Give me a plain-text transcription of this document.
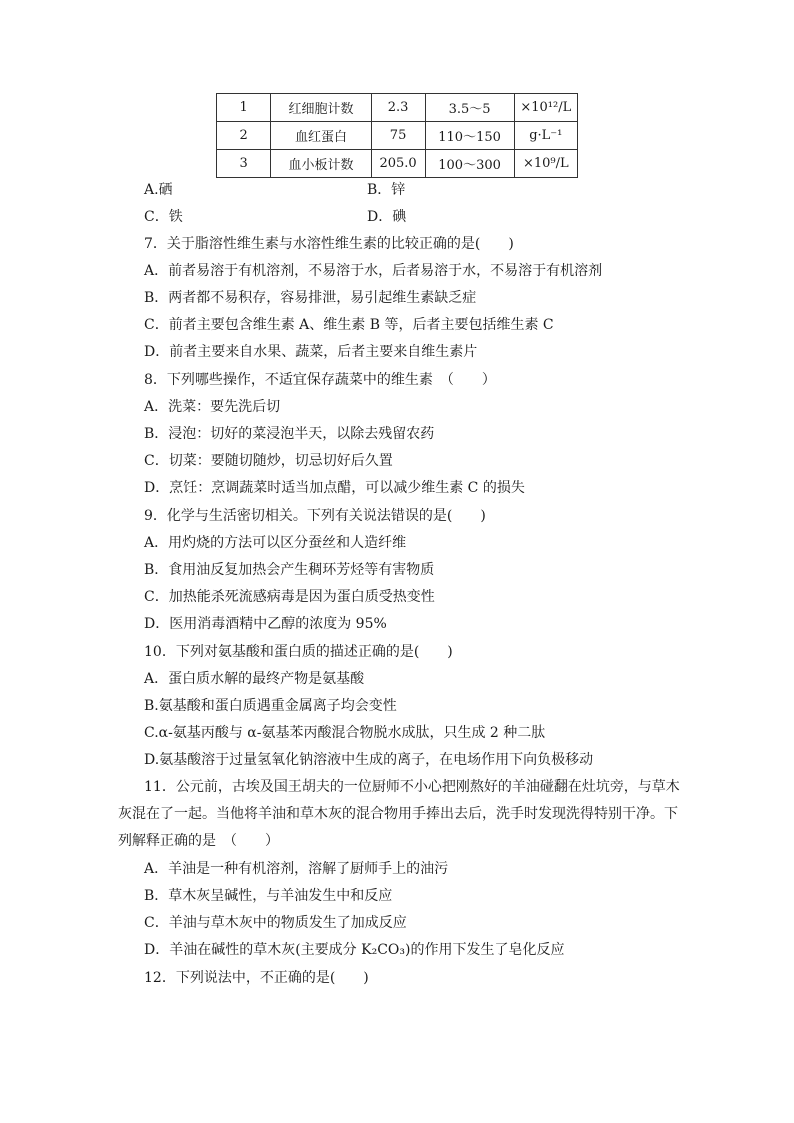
1	红细胞计数	2.3	3.5～5	×10¹²/L
2	血红蛋白	75	110～150	g·L⁻¹
3	血小板计数	205.0	100～300	×10⁹/L
A.硒	B．锌
C．铁	D．碘
7．关于脂溶性维生素与水溶性维生素的比较正确的是(　　)
A．前者易溶于有机溶剂，不易溶于水，后者易溶于水，不易溶于有机溶剂
B．两者都不易积存，容易排泄，易引起维生素缺乏症
C．前者主要包含维生素 A、维生素 B 等，后者主要包括维生素 C
D．前者主要来自水果、蔬菜，后者主要来自维生素片
8．下列哪些操作，不适宜保存蔬菜中的维生素　（　　）
A．洗菜：要先洗后切
B．浸泡：切好的菜浸泡半天，以除去残留农药
C．切菜：要随切随炒，切忌切好后久置
D．烹饪：烹调蔬菜时适当加点醋，可以减少维生素 C 的损失
9．化学与生活密切相关。下列有关说法错误的是(　　)
A．用灼烧的方法可以区分蚕丝和人造纤维
B．食用油反复加热会产生稠环芳烃等有害物质
C．加热能杀死流感病毒是因为蛋白质受热变性
D．医用消毒酒精中乙醇的浓度为 95%
10．下列对氨基酸和蛋白质的描述正确的是(　　)
A．蛋白质水解的最终产物是氨基酸
B.氨基酸和蛋白质遇重金属离子均会变性
C.α-氨基丙酸与 α-氨基苯丙酸混合物脱水成肽，只生成 2 种二肽
D.氨基酸溶于过量氢氧化钠溶液中生成的离子，在电场作用下向负极移动
11．公元前，古埃及国王胡夫的一位厨师不小心把刚熬好的羊油碰翻在灶坑旁，与草木
灰混在了一起。当他将羊油和草木灰的混合物用手捧出去后，洗手时发现洗得特别干净。下
列解释正确的是　（　　）
A．羊油是一种有机溶剂，溶解了厨师手上的油污
B．草木灰呈碱性，与羊油发生中和反应
C．羊油与草木灰中的物质发生了加成反应
D．羊油在碱性的草木灰(主要成分 K₂CO₃)的作用下发生了皂化反应
12．下列说法中，不正确的是(　　)
